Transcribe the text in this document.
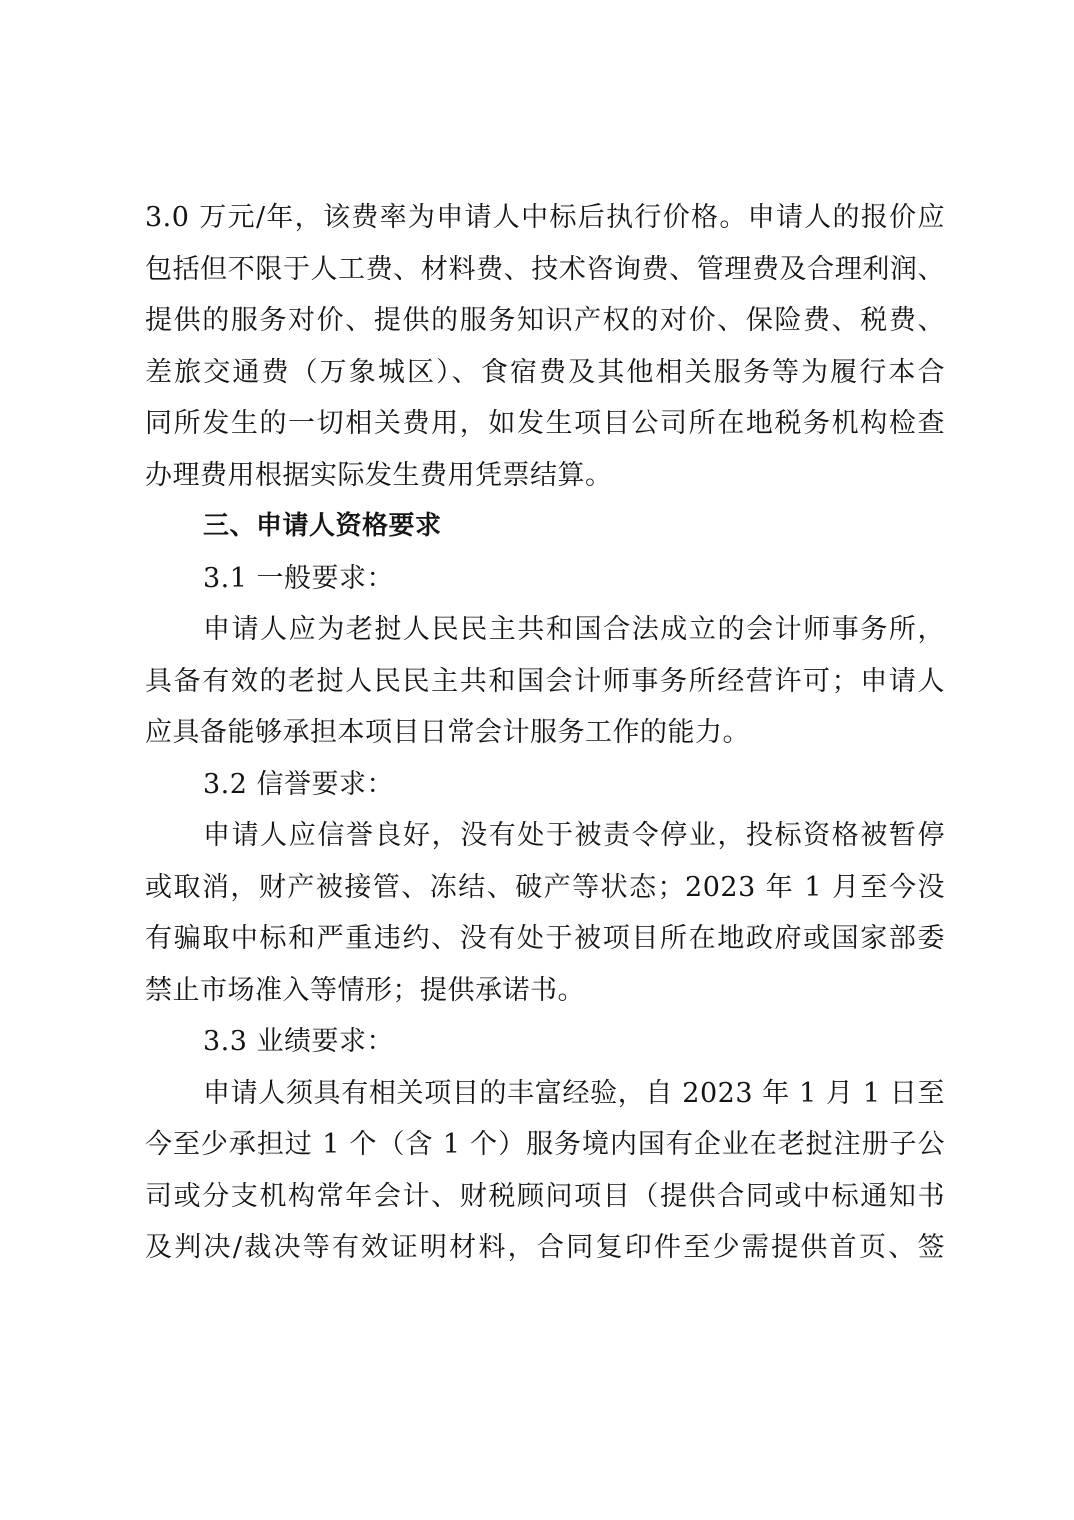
3.0 万元/年，该费率为申请人中标后执行价格。申请人的报价应
包括但不限于人工费、材料费、技术咨询费、管理费及合理利润、
提供的服务对价、提供的服务知识产权的对价、保险费、税费、
差旅交通费（万象城区）、食宿费及其他相关服务等为履行本合
同所发生的一切相关费用，如发生项目公司所在地税务机构检查
办理费用根据实际发生费用凭票结算。
三、申请人资格要求
3.1 一般要求：
申请人应为老挝人民民主共和国合法成立的会计师事务所，
具备有效的老挝人民民主共和国会计师事务所经营许可；申请人
应具备能够承担本项目日常会计服务工作的能力。
3.2 信誉要求：
申请人应信誉良好，没有处于被责令停业，投标资格被暂停
或取消，财产被接管、冻结、破产等状态；2023 年 1 月至今没
有骗取中标和严重违约、没有处于被项目所在地政府或国家部委
禁止市场准入等情形；提供承诺书。
3.3 业绩要求：
申请人须具有相关项目的丰富经验，自 2023 年 1 月 1 日至
今至少承担过 1 个（含 1 个）服务境内国有企业在老挝注册子公
司或分支机构常年会计、财税顾问项目（提供合同或中标通知书
及判决/裁决等有效证明材料，合同复印件至少需提供首页、签
